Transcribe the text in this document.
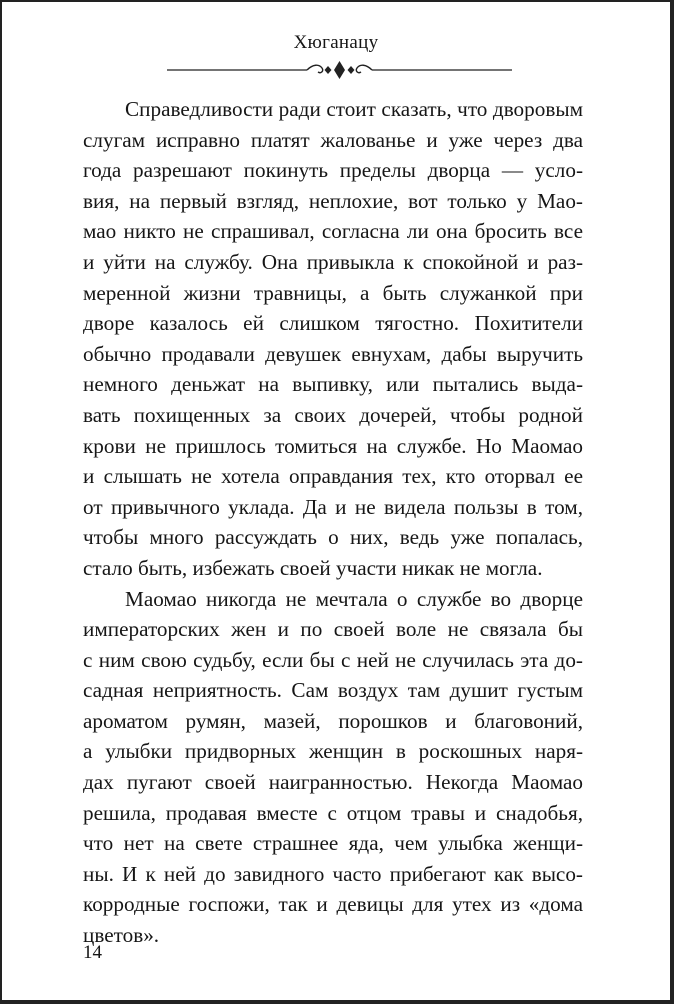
Хюганацу
Справедливости ради стоит сказать, что дворовым
слугам исправно платят жалованье и уже через два
года разрешают покинуть пределы дворца — усло-
вия, на первый взгляд, неплохие, вот только у Мао-
мао никто не спрашивал, согласна ли она бросить все
и уйти на службу. Она привыкла к спокойной и раз-
меренной жизни травницы, а быть служанкой при
дворе казалось ей слишком тягостно. Похитители
обычно продавали девушек евнухам, дабы выручить
немного деньжат на выпивку, или пытались выда-
вать похищенных за своих дочерей, чтобы родной
крови не пришлось томиться на службе. Но Маомао
и слышать не хотела оправдания тех, кто оторвал ее
от привычного уклада. Да и не видела пользы в том,
чтобы много рассуждать о них, ведь уже попалась,
стало быть, избежать своей участи никак не могла.
Маомао никогда не мечтала о службе во дворце
императорских жен и по своей воле не связала бы
с ним свою судьбу, если бы с ней не случилась эта до-
садная неприятность. Сам воздух там душит густым
ароматом румян, мазей, порошков и благовоний,
а улыбки придворных женщин в роскошных наря-
дах пугают своей наигранностью. Некогда Маомао
решила, продавая вместе с отцом травы и снадобья,
что нет на свете страшнее яда, чем улыбка женщи-
ны. И к ней до завидного часто прибегают как высо-
корродные госпожи, так и девицы для утех из «дома
цветов».
14
